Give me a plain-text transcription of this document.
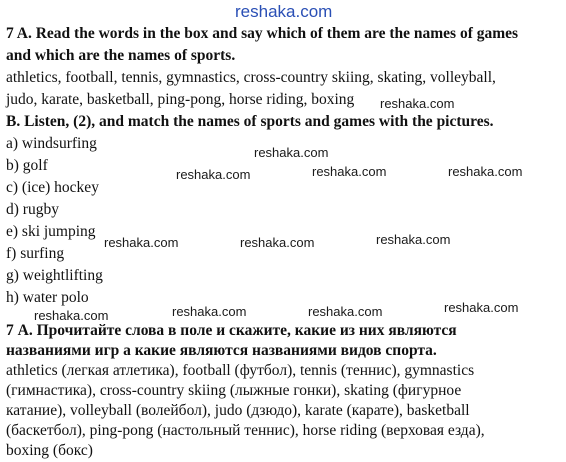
reshaka.com
7 A. Read the words in the box and say which of them are the names of games
and which are the names of sports.
athletics, football, tennis, gymnastics, cross-country skiing, skating, volleyball,
judo, karate, basketball, ping-pong, horse riding, boxing
B. Listen, (2), and match the names of sports and games with the pictures.
a) windsurfing
b) golf
c) (ice) hockey
d) rugby
e) ski jumping
f) surfing
g) weightlifting
h) water polo
7 А. Прочитайте слова в поле и скажите, какие из них являются
названиями игр а какие являются названиями видов спорта.
athletics (легкая атлетика), football (футбол), tennis (теннис), gymnastics
(гимнастика), cross-country skiing (лыжные гонки), skating (фигурное
катание), volleyball (волейбол), judo (дзюдо), karate (карате), basketball
(баскетбол), ping-pong (настольный теннис), horse riding (верховая езда),
boxing (бокс)
reshaka.com
reshaka.com
reshaka.com	reshaka.com	reshaka.com
reshaka.com	reshaka.com	reshaka.com
reshaka.com	reshaka.com	reshaka.com
reshaka.com
